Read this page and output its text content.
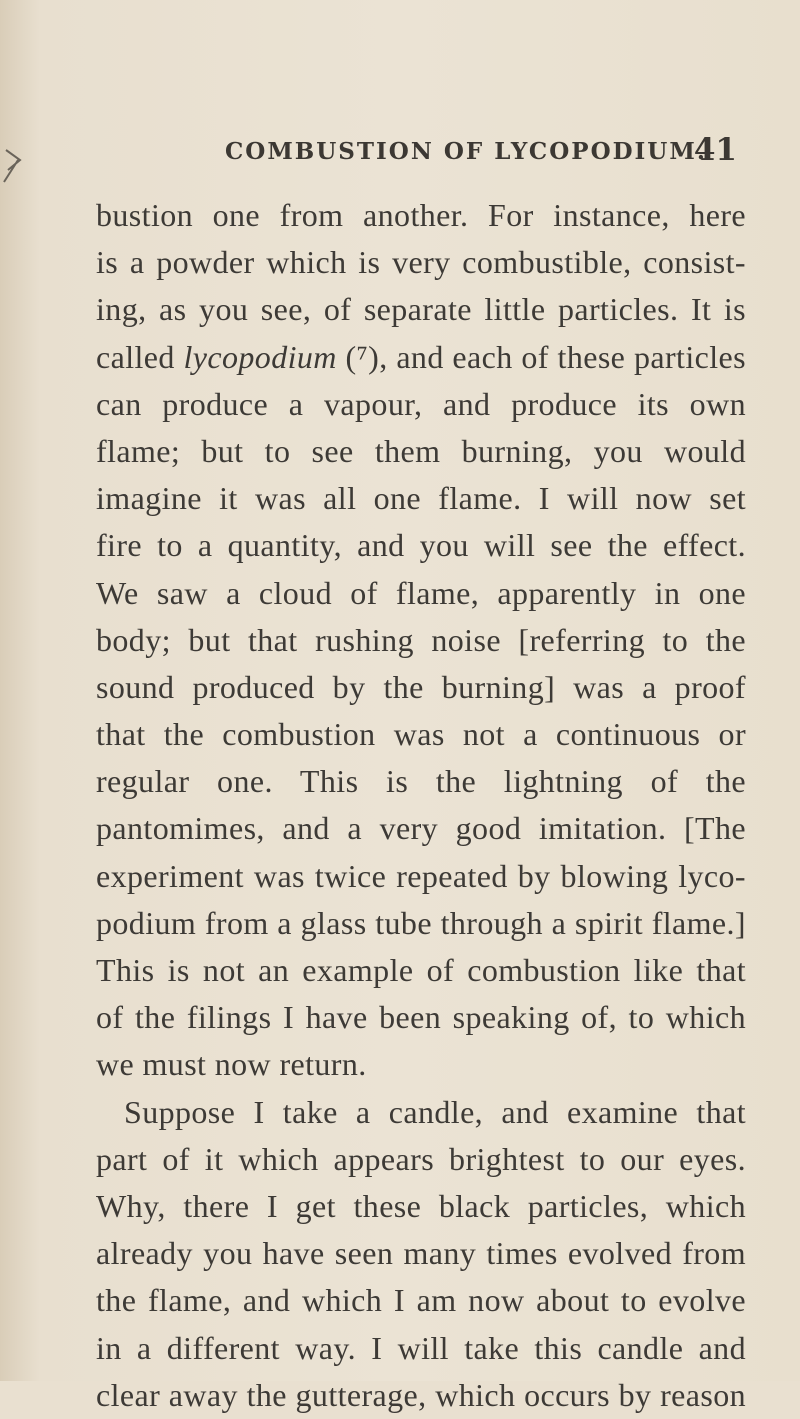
COMBUSTION OF LYCOPODIUM.
41
bustion one from another. For instance, here
is a powder which is very combustible, consist-
ing, as you see, of separate little particles. It is
called lycopodium (⁷), and each of these particles
can produce a vapour, and produce its own
flame; but to see them burning, you would
imagine it was all one flame. I will now set
fire to a quantity, and you will see the effect.
We saw a cloud of flame, apparently in one
body; but that rushing noise [referring to the
sound produced by the burning] was a proof
that the combustion was not a continuous or
regular one. This is the lightning of the
pantomimes, and a very good imitation. [The
experiment was twice repeated by blowing lyco-
podium from a glass tube through a spirit flame.]
This is not an example of combustion like that
of the filings I have been speaking of, to which
we must now return.
Suppose I take a candle, and examine that
part of it which appears brightest to our eyes.
Why, there I get these black particles, which
already you have seen many times evolved from
the flame, and which I am now about to evolve
in a different way. I will take this candle and
clear away the gutterage, which occurs by reason
